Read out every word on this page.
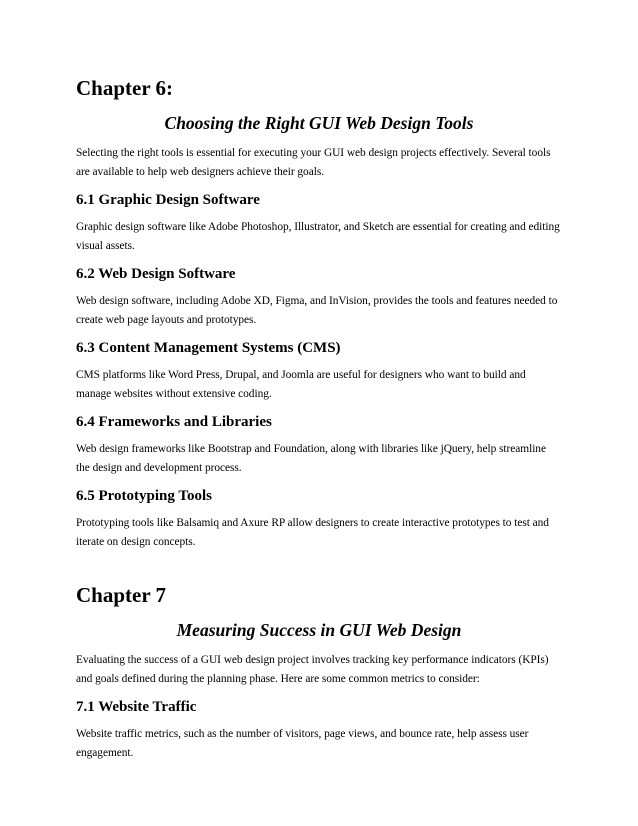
Chapter 6:
Choosing the Right GUI Web Design Tools

Selecting the right tools is essential for executing your GUI web design projects effectively. Several tools are available to help web designers achieve their goals.

6.1 Graphic Design Software

Graphic design software like Adobe Photoshop, Illustrator, and Sketch are essential for creating and editing visual assets.

6.2 Web Design Software

Web design software, including Adobe XD, Figma, and InVision, provides the tools and features needed to create web page layouts and prototypes.

6.3 Content Management Systems (CMS)

CMS platforms like Word Press, Drupal, and Joomla are useful for designers who want to build and manage websites without extensive coding.

6.4 Frameworks and Libraries

Web design frameworks like Bootstrap and Foundation, along with libraries like jQuery, help streamline the design and development process.

6.5 Prototyping Tools

Prototyping tools like Balsamiq and Axure RP allow designers to create interactive prototypes to test and iterate on design concepts.

Chapter 7
Measuring Success in GUI Web Design

Evaluating the success of a GUI web design project involves tracking key performance indicators (KPIs) and goals defined during the planning phase. Here are some common metrics to consider:

7.1 Website Traffic

Website traffic metrics, such as the number of visitors, page views, and bounce rate, help assess user engagement.
